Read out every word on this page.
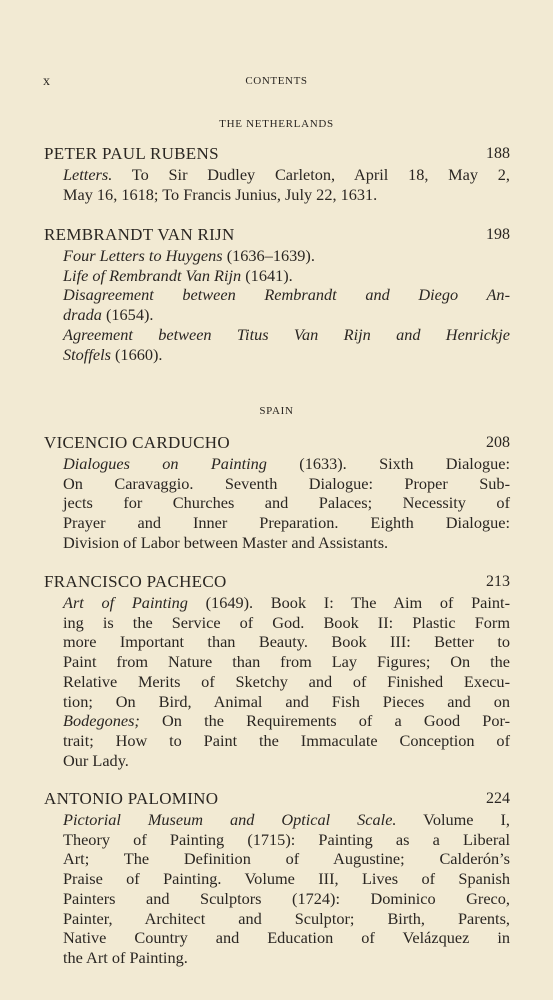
x	CONTENTS
THE NETHERLANDS
PETER PAUL RUBENS	188
Letters. To Sir Dudley Carleton, April 18, May 2,
May 16, 1618; To Francis Junius, July 22, 1631.
REMBRANDT VAN RIJN	198
Four Letters to Huygens (1636–1639).
Life of Rembrandt Van Rijn (1641).
Disagreement between Rembrandt and Diego An-
drada (1654).
Agreement between Titus Van Rijn and Henrickje
Stoffels (1660).
SPAIN
VICENCIO CARDUCHO	208
Dialogues on Painting (1633). Sixth Dialogue:
On Caravaggio. Seventh Dialogue: Proper Sub-
jects for Churches and Palaces; Necessity of
Prayer and Inner Preparation. Eighth Dialogue:
Division of Labor between Master and Assistants.
FRANCISCO PACHECO	213
Art of Painting (1649). Book I: The Aim of Paint-
ing is the Service of God. Book II: Plastic Form
more Important than Beauty. Book III: Better to
Paint from Nature than from Lay Figures; On the
Relative Merits of Sketchy and of Finished Execu-
tion; On Bird, Animal and Fish Pieces and on
Bodegones; On the Requirements of a Good Por-
trait; How to Paint the Immaculate Conception of
Our Lady.
ANTONIO PALOMINO	224
Pictorial Museum and Optical Scale. Volume I,
Theory of Painting (1715): Painting as a Liberal
Art; The Definition of Augustine; Calderón’s
Praise of Painting. Volume III, Lives of Spanish
Painters and Sculptors (1724): Dominico Greco,
Painter, Architect and Sculptor; Birth, Parents,
Native Country and Education of Velázquez in
the Art of Painting.
